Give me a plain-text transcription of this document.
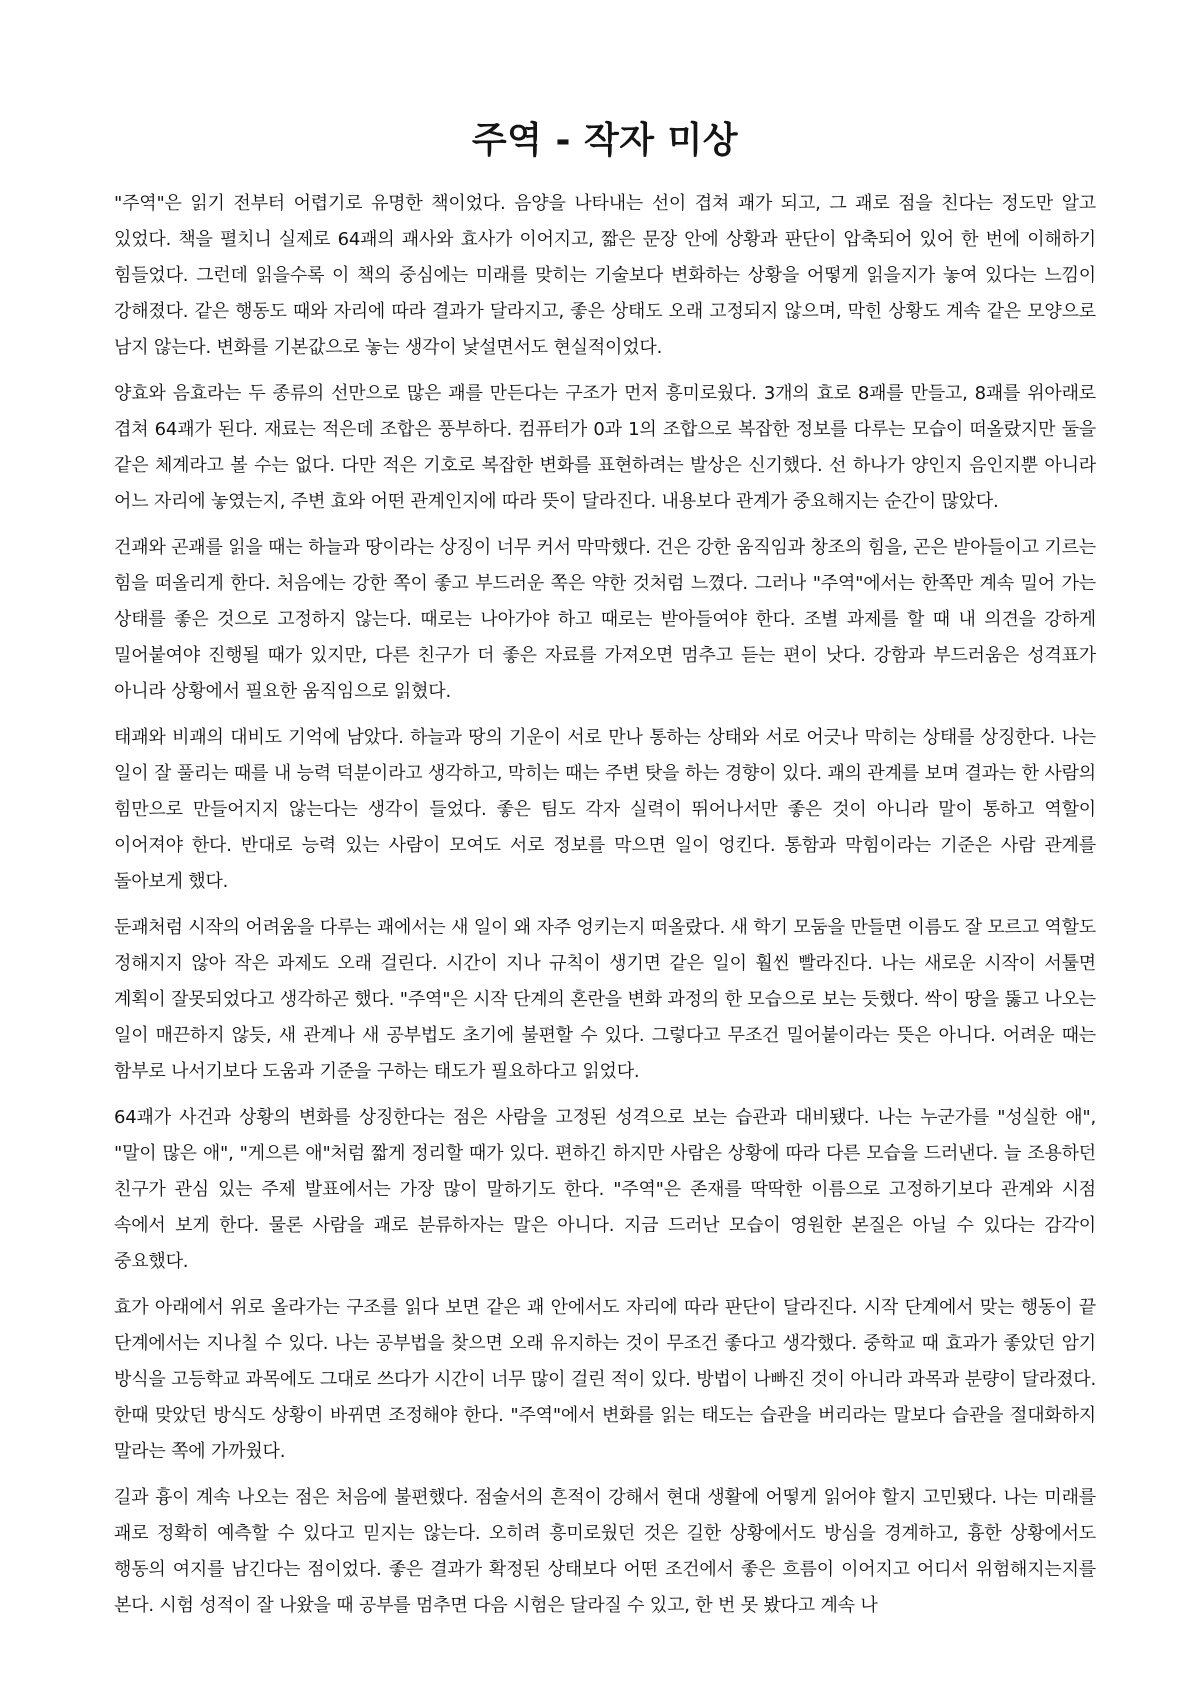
주역 - 작자 미상

"주역"은 읽기 전부터 어렵기로 유명한 책이었다. 음양을 나타내는 선이 겹쳐 괘가 되고, 그 괘로 점을 친다는 정도만 알고 있었다. 책을 펼치니 실제로 64괘의 괘사와 효사가 이어지고, 짧은 문장 안에 상황과 판단이 압축되어 있어 한 번에 이해하기 힘들었다. 그런데 읽을수록 이 책의 중심에는 미래를 맞히는 기술보다 변화하는 상황을 어떻게 읽을지가 놓여 있다는 느낌이 강해졌다. 같은 행동도 때와 자리에 따라 결과가 달라지고, 좋은 상태도 오래 고정되지 않으며, 막힌 상황도 계속 같은 모양으로 남지 않는다. 변화를 기본값으로 놓는 생각이 낯설면서도 현실적이었다.

양효와 음효라는 두 종류의 선만으로 많은 괘를 만든다는 구조가 먼저 흥미로웠다. 3개의 효로 8괘를 만들고, 8괘를 위아래로 겹쳐 64괘가 된다. 재료는 적은데 조합은 풍부하다. 컴퓨터가 0과 1의 조합으로 복잡한 정보를 다루는 모습이 떠올랐지만 둘을 같은 체계라고 볼 수는 없다. 다만 적은 기호로 복잡한 변화를 표현하려는 발상은 신기했다. 선 하나가 양인지 음인지뿐 아니라 어느 자리에 놓였는지, 주변 효와 어떤 관계인지에 따라 뜻이 달라진다. 내용보다 관계가 중요해지는 순간이 많았다.

건괘와 곤괘를 읽을 때는 하늘과 땅이라는 상징이 너무 커서 막막했다. 건은 강한 움직임과 창조의 힘을, 곤은 받아들이고 기르는 힘을 떠올리게 한다. 처음에는 강한 쪽이 좋고 부드러운 쪽은 약한 것처럼 느꼈다. 그러나 "주역"에서는 한쪽만 계속 밀어 가는 상태를 좋은 것으로 고정하지 않는다. 때로는 나아가야 하고 때로는 받아들여야 한다. 조별 과제를 할 때 내 의견을 강하게 밀어붙여야 진행될 때가 있지만, 다른 친구가 더 좋은 자료를 가져오면 멈추고 듣는 편이 낫다. 강함과 부드러움은 성격표가 아니라 상황에서 필요한 움직임으로 읽혔다.

태괘와 비괘의 대비도 기억에 남았다. 하늘과 땅의 기운이 서로 만나 통하는 상태와 서로 어긋나 막히는 상태를 상징한다. 나는 일이 잘 풀리는 때를 내 능력 덕분이라고 생각하고, 막히는 때는 주변 탓을 하는 경향이 있다. 괘의 관계를 보며 결과는 한 사람의 힘만으로 만들어지지 않는다는 생각이 들었다. 좋은 팀도 각자 실력이 뛰어나서만 좋은 것이 아니라 말이 통하고 역할이 이어져야 한다. 반대로 능력 있는 사람이 모여도 서로 정보를 막으면 일이 엉킨다. 통함과 막힘이라는 기준은 사람 관계를 돌아보게 했다.

둔괘처럼 시작의 어려움을 다루는 괘에서는 새 일이 왜 자주 엉키는지 떠올랐다. 새 학기 모둠을 만들면 이름도 잘 모르고 역할도 정해지지 않아 작은 과제도 오래 걸린다. 시간이 지나 규칙이 생기면 같은 일이 훨씬 빨라진다. 나는 새로운 시작이 서툴면 계획이 잘못되었다고 생각하곤 했다. "주역"은 시작 단계의 혼란을 변화 과정의 한 모습으로 보는 듯했다. 싹이 땅을 뚫고 나오는 일이 매끈하지 않듯, 새 관계나 새 공부법도 초기에 불편할 수 있다. 그렇다고 무조건 밀어붙이라는 뜻은 아니다. 어려운 때는 함부로 나서기보다 도움과 기준을 구하는 태도가 필요하다고 읽었다.

64괘가 사건과 상황의 변화를 상징한다는 점은 사람을 고정된 성격으로 보는 습관과 대비됐다. 나는 누군가를 "성실한 애", "말이 많은 애", "게으른 애"처럼 짧게 정리할 때가 있다. 편하긴 하지만 사람은 상황에 따라 다른 모습을 드러낸다. 늘 조용하던 친구가 관심 있는 주제 발표에서는 가장 많이 말하기도 한다. "주역"은 존재를 딱딱한 이름으로 고정하기보다 관계와 시점 속에서 보게 한다. 물론 사람을 괘로 분류하자는 말은 아니다. 지금 드러난 모습이 영원한 본질은 아닐 수 있다는 감각이 중요했다.

효가 아래에서 위로 올라가는 구조를 읽다 보면 같은 괘 안에서도 자리에 따라 판단이 달라진다. 시작 단계에서 맞는 행동이 끝 단계에서는 지나칠 수 있다. 나는 공부법을 찾으면 오래 유지하는 것이 무조건 좋다고 생각했다. 중학교 때 효과가 좋았던 암기 방식을 고등학교 과목에도 그대로 쓰다가 시간이 너무 많이 걸린 적이 있다. 방법이 나빠진 것이 아니라 과목과 분량이 달라졌다. 한때 맞았던 방식도 상황이 바뀌면 조정해야 한다. "주역"에서 변화를 읽는 태도는 습관을 버리라는 말보다 습관을 절대화하지 말라는 쪽에 가까웠다.

길과 흉이 계속 나오는 점은 처음에 불편했다. 점술서의 흔적이 강해서 현대 생활에 어떻게 읽어야 할지 고민됐다. 나는 미래를 괘로 정확히 예측할 수 있다고 믿지는 않는다. 오히려 흥미로웠던 것은 길한 상황에서도 방심을 경계하고, 흉한 상황에서도 행동의 여지를 남긴다는 점이었다. 좋은 결과가 확정된 상태보다 어떤 조건에서 좋은 흐름이 이어지고 어디서 위험해지는지를 본다. 시험 성적이 잘 나왔을 때 공부를 멈추면 다음 시험은 달라질 수 있고, 한 번 못 봤다고 계속 나
